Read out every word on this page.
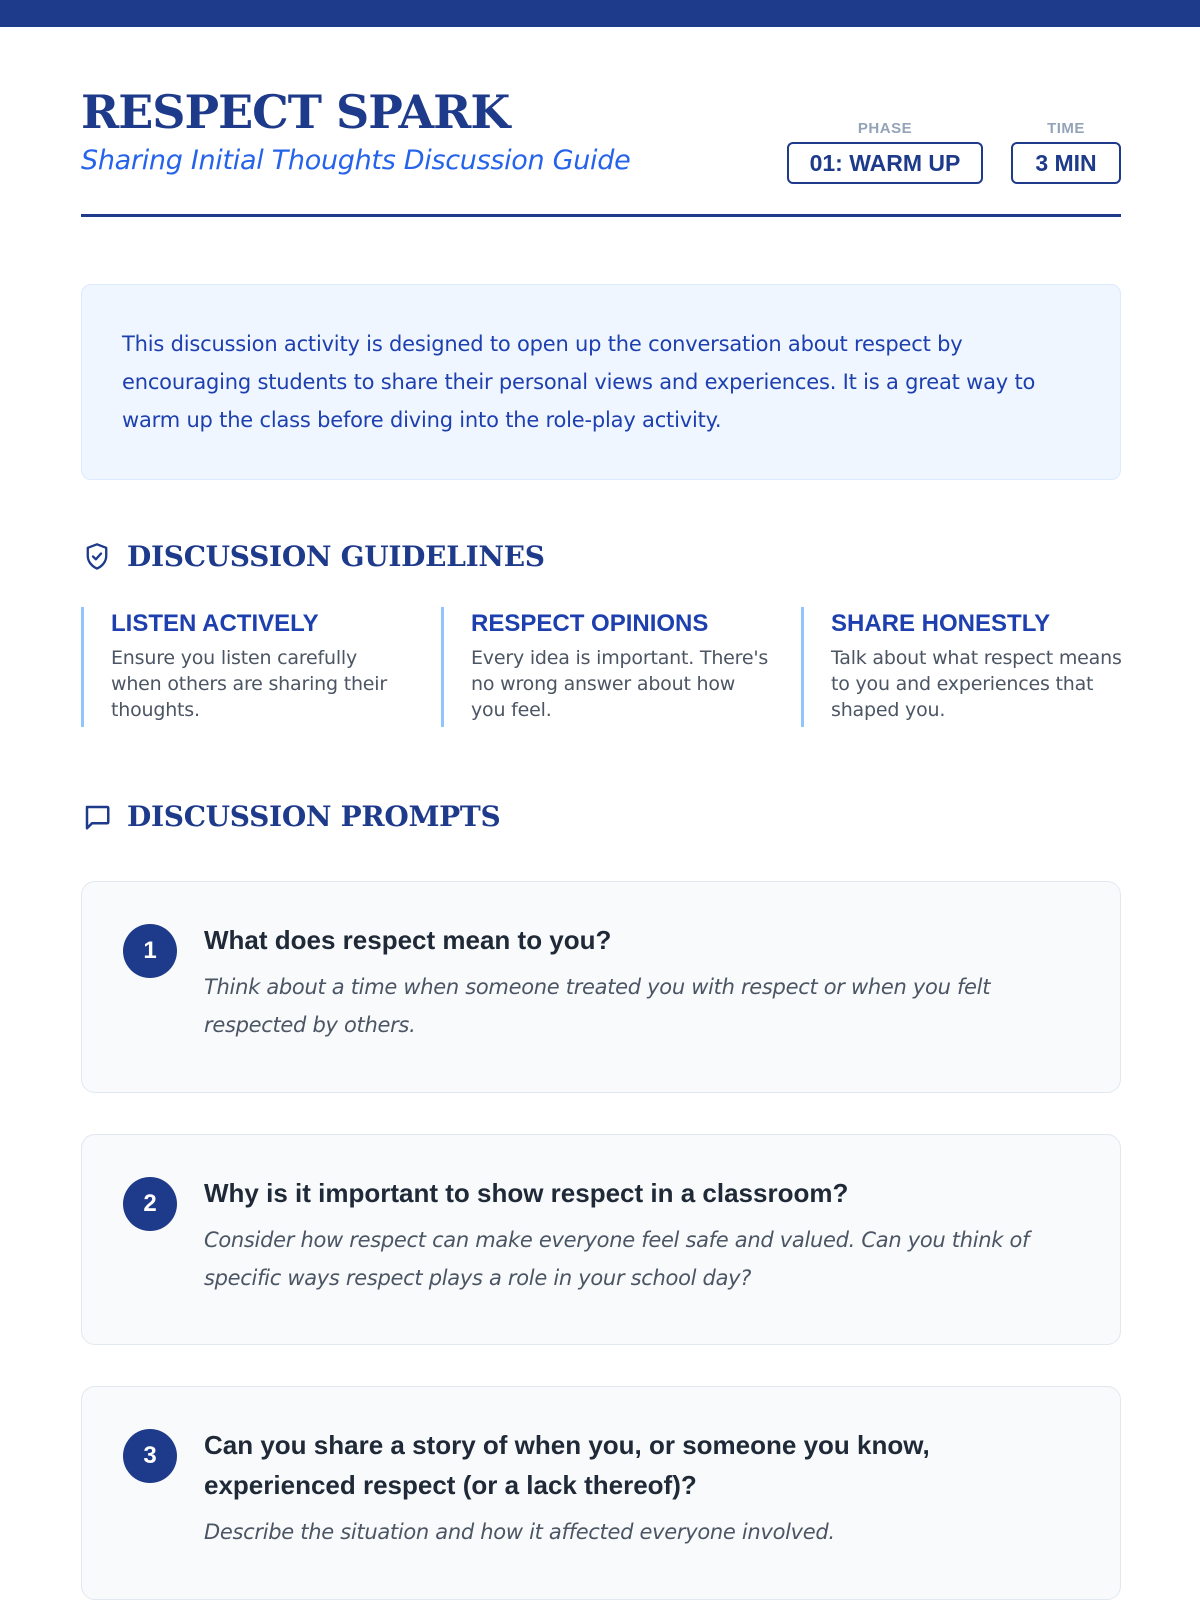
RESPECT SPARK
Sharing Initial Thoughts Discussion Guide
PHASE
01: WARM UP
TIME
3 MIN

This discussion activity is designed to open up the conversation about respect by encouraging students to share their personal views and experiences. It is a great way to warm up the class before diving into the role-play activity.

DISCUSSION GUIDELINES
LISTEN ACTIVELY

Ensure you listen carefully when others are sharing their thoughts.

RESPECT OPINIONS

Every idea is important. There's no wrong answer about how you feel.

SHARE HONESTLY

Talk about what respect means to you and experiences that shaped you.

DISCUSSION PROMPTS
1	What does respect mean to you?
Think about a time when someone treated you with respect or when you felt respected by others.
2	Why is it important to show respect in a classroom?
Consider how respect can make everyone feel safe and valued. Can you think of specific ways respect plays a role in your school day?
3	Can you share a story of when you, or someone you know, experienced respect (or a lack thereof)?
Describe the situation and how it affected everyone involved.
